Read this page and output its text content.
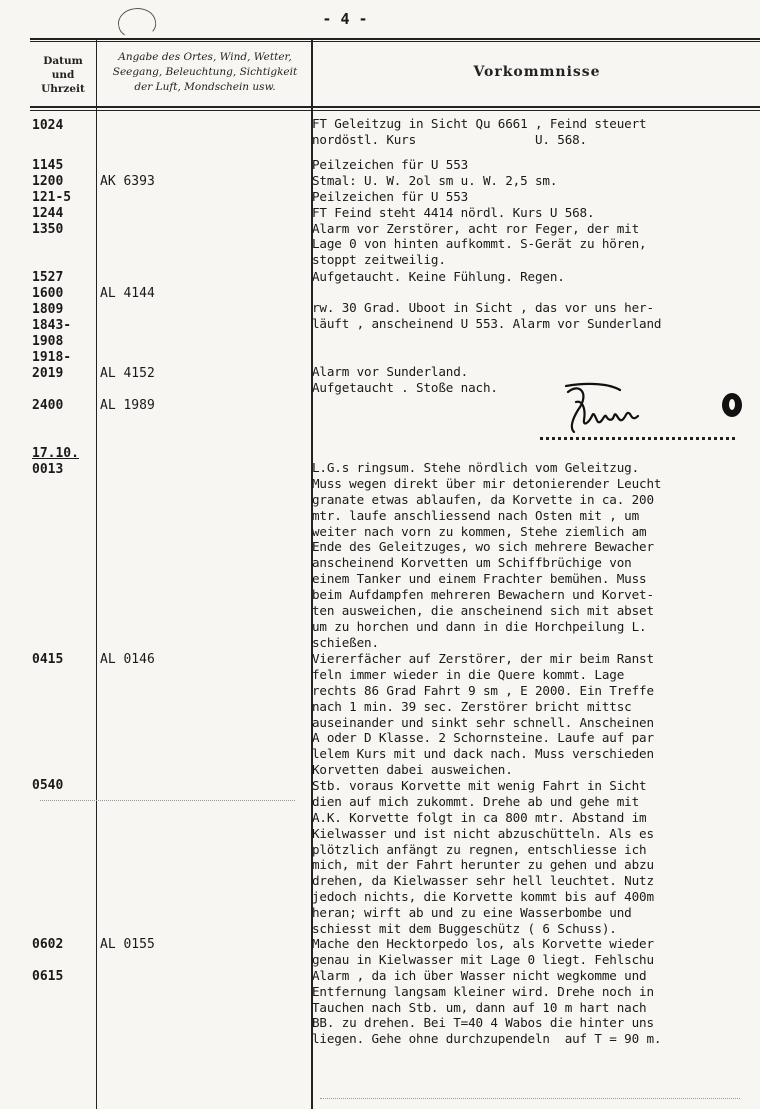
- 4 -
Datum
und
Uhrzeit
Angabe des Ortes, Wind, Wetter,
Seegang, Beleuchtung, Sichtigkeit
der Luft, Mondschein usw.
Vorkommnisse
1024
1145
1200
121-5
1244
1350
1527
1600
1809
1843-
1908
1918-
2019
2400
17.10.
0013
0415
0540
0602
0615
AK 6393
AL 4144
AL 4152
AL 1989
AL 0146
AL 0155
FT Geleitzug in Sicht Qu 6661 , Feind steuert
nordöstl. Kurs                U. 568.
Peilzeichen für U 553
Stmal: U. W. 2ol sm u. W. 2,5 sm.
Peilzeichen für U 553
FT Feind steht 4414 nördl. Kurs U 568.
Alarm vor Zerstörer, acht ror Feger, der mit
Lage 0 von hinten aufkommt. S-Gerät zu hören,
stoppt zeitweilig.
Aufgetaucht. Keine Fühlung. Regen.
rw. 30 Grad. Uboot in Sicht , das vor uns her-
läuft , anscheinend U 553. Alarm vor Sunderland
Alarm vor Sunderland.
Aufgetaucht . Stoße nach.
L.G.s ringsum. Stehe nördlich vom Geleitzug.
Muss wegen direkt über mir detonierender Leucht
granate etwas ablaufen, da Korvette in ca. 200
mtr. laufe anschliessend nach Osten mit , um
weiter nach vorn zu kommen, Stehe ziemlich am
Ende des Geleitzuges, wo sich mehrere Bewacher
anscheinend Korvetten um Schiffbrüchige von
einem Tanker und einem Frachter bemühen. Muss
beim Aufdampfen mehreren Bewachern und Korvet-
ten ausweichen, die anscheinend sich mit abset
um zu horchen und dann in die Horchpeilung L.
schießen.
Viererfächer auf Zerstörer, der mir beim Ranst
feln immer wieder in die Quere kommt. Lage
rechts 86 Grad Fahrt 9 sm , E 2000. Ein Treffe
nach 1 min. 39 sec. Zerstörer bricht mittsc
auseinander und sinkt sehr schnell. Anscheinen
A oder D Klasse. 2 Schornsteine. Laufe auf par
lelem Kurs mit und dack nach. Muss verschieden
Korvetten dabei ausweichen.
Stb. voraus Korvette mit wenig Fahrt in Sicht
dien auf mich zukommt. Drehe ab und gehe mit
A.K. Korvette folgt in ca 800 mtr. Abstand im
Kielwasser und ist nicht abzuschütteln. Als es
plötzlich anfängt zu regnen, entschliesse ich
mich, mit der Fahrt herunter zu gehen und abzu
drehen, da Kielwasser sehr hell leuchtet. Nutz
jedoch nichts, die Korvette kommt bis auf 400m
heran; wirft ab und zu eine Wasserbombe und
schiesst mit dem Buggeschütz ( 6 Schuss).
Mache den Hecktorpedo los, als Korvette wieder
genau in Kielwasser mit Lage 0 liegt. Fehlschu
Alarm , da ich über Wasser nicht wegkomme und
Entfernung langsam kleiner wird. Drehe noch in
Tauchen nach Stb. um, dann auf 10 m hart nach
BB. zu drehen. Bei T=40 4 Wabos die hinter uns
liegen. Gehe ohne durchzupendeln  auf T = 90 m.
